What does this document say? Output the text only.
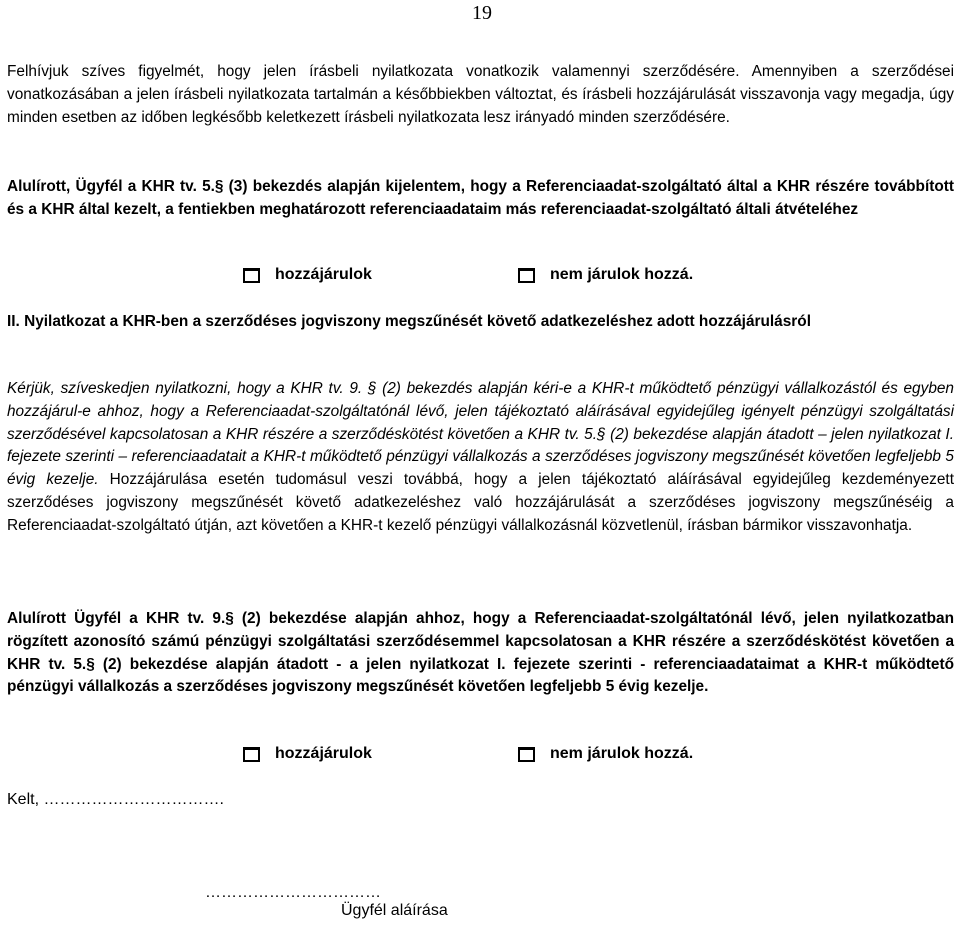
19
Felhívjuk szíves figyelmét, hogy jelen írásbeli nyilatkozata vonatkozik valamennyi szerződésére. Amennyiben a szerződései vonatkozásában a jelen írásbeli nyilatkozata tartalmán a későbbiekben változtat, és írásbeli hozzájárulását visszavonja vagy megadja, úgy minden esetben az időben legkésőbb keletkezett írásbeli nyilatkozata lesz irányadó minden szerződésére.
Alulírott, Ügyfél a KHR tv. 5.§ (3) bekezdés alapján kijelentem, hogy a Referenciaadat-szolgáltató által a KHR részére továbbított és a KHR által kezelt, a fentiekben meghatározott referenciaadataim más referenciaadat-szolgáltató általi átvételéhez
hozzájárulok	nem járulok hozzá.
II. Nyilatkozat a KHR-ben a szerződéses jogviszony megszűnését követő adatkezeléshez adott hozzájárulásról
Kérjük, szíveskedjen nyilatkozni, hogy a KHR tv. 9. § (2) bekezdés alapján kéri-e a KHR-t működtető pénzügyi vállalkozástól és egyben hozzájárul-e ahhoz, hogy a Referenciaadat-szolgáltatónál lévő, jelen tájékoztató aláírásával egyidejűleg igényelt pénzügyi szolgáltatási szerződésével kapcsolatosan a KHR részére a szerződéskötést követően a KHR tv. 5.§ (2) bekezdése alapján átadott – jelen nyilatkozat I. fejezete szerinti – referenciaadatait a KHR-t működtető pénzügyi vállalkozás a szerződéses jogviszony megszűnését követően legfeljebb 5 évig kezelje. Hozzájárulása esetén tudomásul veszi továbbá, hogy a jelen tájékoztató aláírásával egyidejűleg kezdeményezett szerződéses jogviszony megszűnését követő adatkezeléshez való hozzájárulását a szerződéses jogviszony megszűnéséig a Referenciaadat-szolgáltató útján, azt követően a KHR-t kezelő pénzügyi vállalkozásnál közvetlenül, írásban bármikor visszavonhatja.
Alulírott Ügyfél a KHR tv. 9.§ (2) bekezdése alapján ahhoz, hogy a Referenciaadat-szolgáltatónál lévő, jelen nyilatkozatban rögzített azonosító számú pénzügyi szolgáltatási szerződésemmel kapcsolatosan a KHR részére a szerződéskötést követően a KHR tv. 5.§ (2) bekezdése alapján átadott - a jelen nyilatkozat I. fejezete szerinti - referenciaadataimat a KHR-t működtető pénzügyi vállalkozás a szerződéses jogviszony megszűnését követően legfeljebb 5 évig kezelje.
hozzájárulok	nem járulok hozzá.
Kelt, …………………………….
……………………………
Ügyfél aláírása
